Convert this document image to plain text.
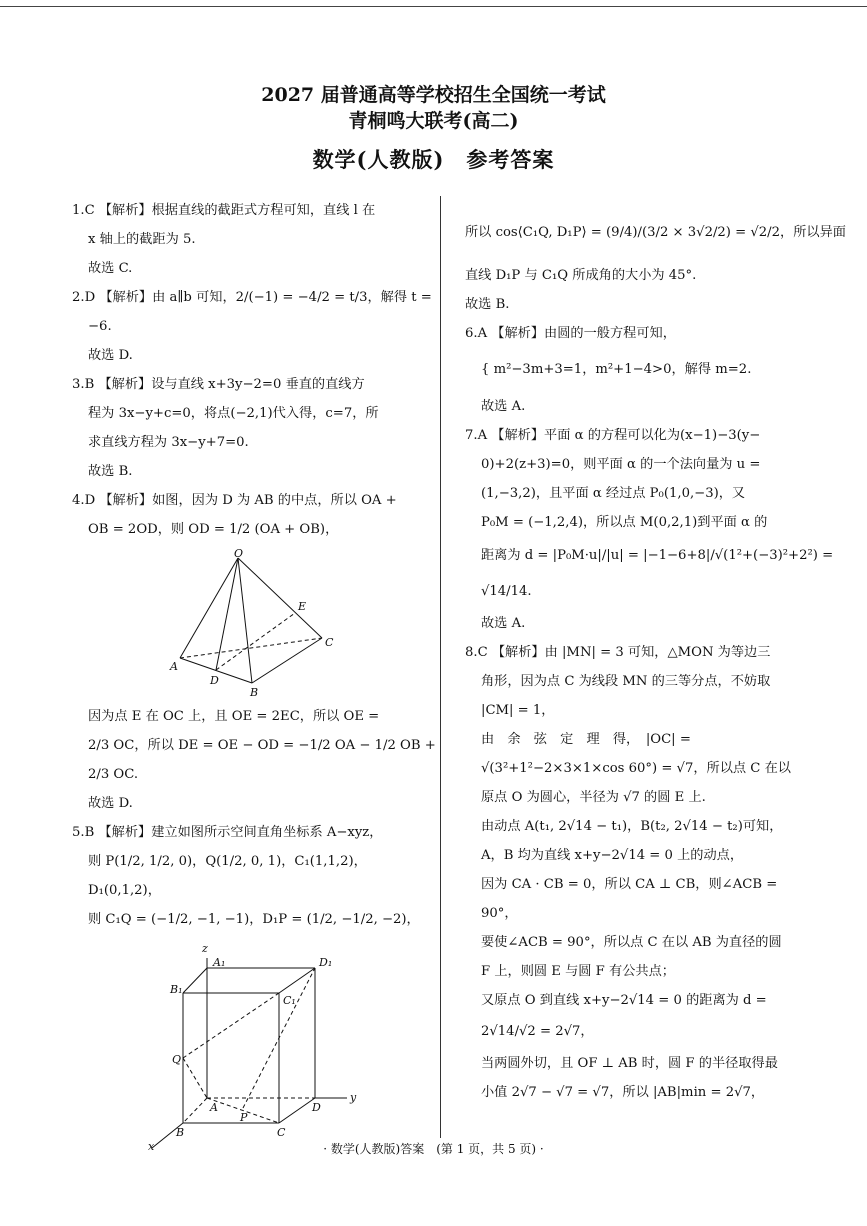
2027 届普通高等学校招生全国统一考试
青桐鸣大联考(高二)
数学(人教版)　参考答案
1.C 【解析】根据直线的截距式方程可知，直线 l 在
x 轴上的截距为 5.
故选 C.
2.D 【解析】由 a∥b 可知，2/(−1) = −4/2 = t/3，解得 t =
−6.
故选 D.
3.B 【解析】设与直线 x+3y−2=0 垂直的直线方
程为 3x−y+c=0，将点(−2,1)代入得，c=7，所
求直线方程为 3x−y+7=0.
故选 B.
4.D 【解析】如图，因为 D 为 AB 的中点，所以 OA +
OB = 2OD，则 OD = 1/2 (OA + OB)，
O
E
C
A
D
B
因为点 E 在 OC 上，且 OE = 2EC，所以 OE =
2/3 OC，所以 DE = OE − OD = −1/2 OA − 1/2 OB +
2/3 OC.
故选 D.
5.B 【解析】建立如图所示空间直角坐标系 A−xyz，
则 P(1/2, 1/2, 0)，Q(1/2, 0, 1)，C₁(1,1,2)，
D₁(0,1,2)，
则 C₁Q = (−1/2, −1, −1)，D₁P = (1/2, −1/2, −2)，
z
A₁	D₁
B₁
C₁
Q
A	D
y
P
B	C
x
所以 cos⟨C₁Q, D₁P⟩ = (9/4)/(3/2 × 3√2/2) = √2/2，所以异面
直线 D₁P 与 C₁Q 所成角的大小为 45°.
故选 B.
6.A 【解析】由圆的一般方程可知，
{ m²−3m+3=1，m²+1−4>0，解得 m=2.
故选 A.
7.A 【解析】平面 α 的方程可以化为(x−1)−3(y−
0)+2(z+3)=0，则平面 α 的一个法向量为 u =
(1,−3,2)，且平面 α 经过点 P₀(1,0,−3)，又
P₀M = (−1,2,4)，所以点 M(0,2,1)到平面 α 的
距离为 d = |P₀M·u|/|u| = |−1−6+8|/√(1²+(−3)²+2²) =
√14/14.
故选 A.
8.C 【解析】由 |MN| = 3 可知，△MON 为等边三
角形，因为点 C 为线段 MN 的三等分点，不妨取
|CM| = 1，
由　余　弦　定　理　得，　|OC| =
√(3²+1²−2×3×1×cos 60°) = √7，所以点 C 在以
原点 O 为圆心，半径为 √7 的圆 E 上.
由动点 A(t₁, 2√14 − t₁)，B(t₂, 2√14 − t₂)可知，
A，B 均为直线 x+y−2√14 = 0 上的动点，
因为 CA · CB = 0，所以 CA ⊥ CB，则∠ACB =
90°，
要使∠ACB = 90°，所以点 C 在以 AB 为直径的圆
F 上，则圆 E 与圆 F 有公共点；
又原点 O 到直线 x+y−2√14 = 0 的距离为 d =
2√14/√2 = 2√7，
当两圆外切，且 OF ⊥ AB 时，圆 F 的半径取得最
小值 2√7 − √7 = √7，所以 |AB|min = 2√7，
· 数学(人教版)答案　(第 1 页，共 5 页) ·
